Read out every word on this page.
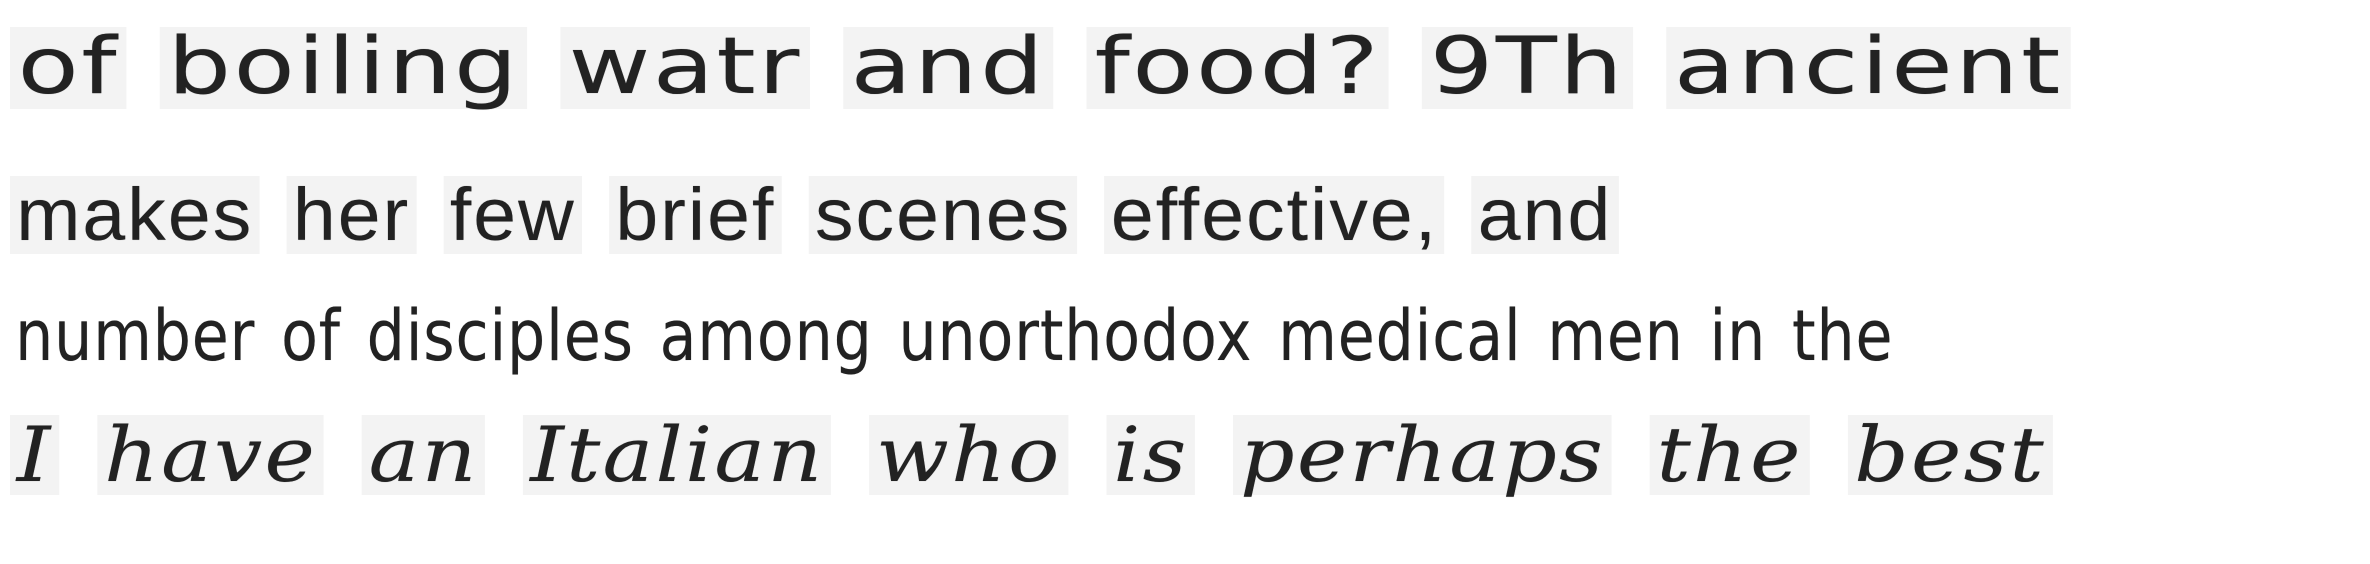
of boiling watr and food? 9Th ancient
makes her few brief scenes effective, and
number of disciples among unorthodox medical men in the
I have an Italian who is perhaps the best
